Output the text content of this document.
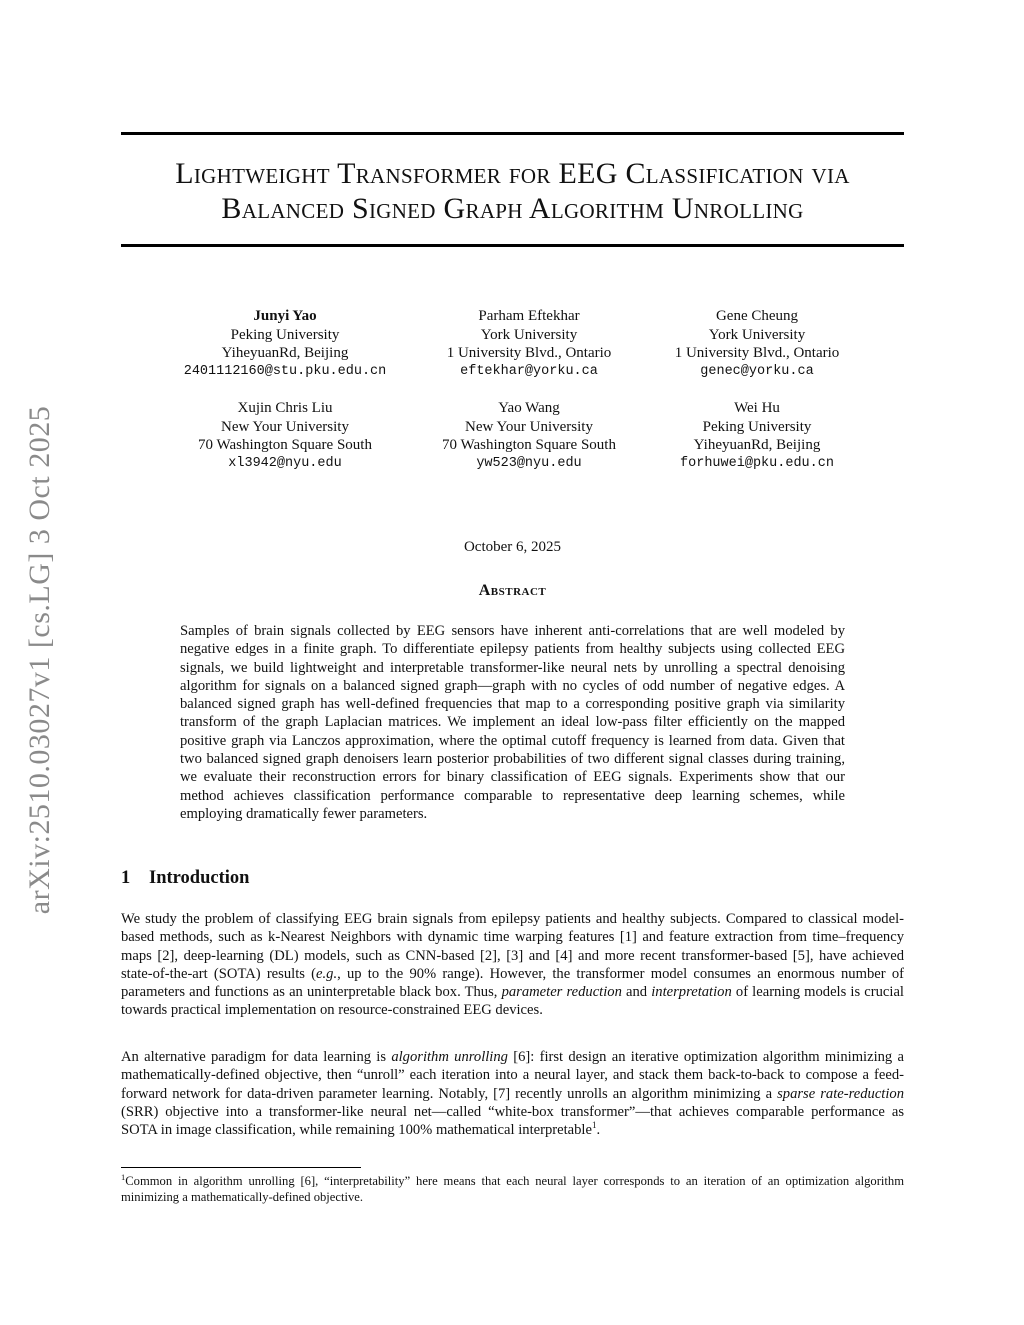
arXiv:2510.03027v1 [cs.LG] 3 Oct 2025
Lightweight Transformer for EEG Classification via
Balanced Signed Graph Algorithm Unrolling
Junyi Yao
Peking University
YiheyuanRd, Beijing
2401112160@stu.pku.edu.cn
Parham Eftekhar
York University
1 University Blvd., Ontario
eftekhar@yorku.ca
Gene Cheung
York University
1 University Blvd., Ontario
genec@yorku.ca
Xujin Chris Liu
New Your University
70 Washington Square South
xl3942@nyu.edu
Yao Wang
New Your University
70 Washington Square South
yw523@nyu.edu
Wei Hu
Peking University
YiheyuanRd, Beijing
forhuwei@pku.edu.cn
October 6, 2025
Abstract
Samples of brain signals collected by EEG sensors have inherent anti-correlations that are well modeled by negative edges in a finite graph. To differentiate epilepsy patients from healthy subjects using collected EEG signals, we build lightweight and interpretable transformer-like neural nets by unrolling a spectral denoising algorithm for signals on a balanced signed graph—graph with no cycles of odd number of negative edges. A balanced signed graph has well-defined frequencies that map to a corresponding positive graph via similarity transform of the graph Laplacian matrices. We implement an ideal low-pass filter efficiently on the mapped positive graph via Lanczos approximation, where the optimal cutoff frequency is learned from data. Given that two balanced signed graph denoisers learn posterior probabilities of two different signal classes during training, we evaluate their reconstruction errors for binary classification of EEG signals. Experiments show that our method achieves classification performance comparable to representative deep learning schemes, while employing dramatically fewer parameters.
1 Introduction
We study the problem of classifying EEG brain signals from epilepsy patients and healthy subjects. Compared to classical model-based methods, such as k-Nearest Neighbors with dynamic time warping features [1] and feature extraction from time–frequency maps [2], deep-learning (DL) models, such as CNN-based [2], [3] and [4] and more recent transformer-based [5], have achieved state-of-the-art (SOTA) results (e.g., up to the 90% range). However, the transformer model consumes an enormous number of parameters and functions as an uninterpretable black box. Thus, parameter reduction and interpretation of learning models is crucial towards practical implementation on resource-constrained EEG devices.
An alternative paradigm for data learning is algorithm unrolling [6]: first design an iterative optimization algorithm minimizing a mathematically-defined objective, then “unroll” each iteration into a neural layer, and stack them back-to-back to compose a feed-forward network for data-driven parameter learning. Notably, [7] recently unrolls an algorithm minimizing a sparse rate-reduction (SRR) objective into a transformer-like neural net—called “white-box transformer”—that achieves comparable performance as SOTA in image classification, while remaining 100% mathematical interpretable$^1$.
$^1$Common in algorithm unrolling [6], “interpretability” here means that each neural layer corresponds to an iteration of an optimization algorithm minimizing a mathematically-defined objective.
